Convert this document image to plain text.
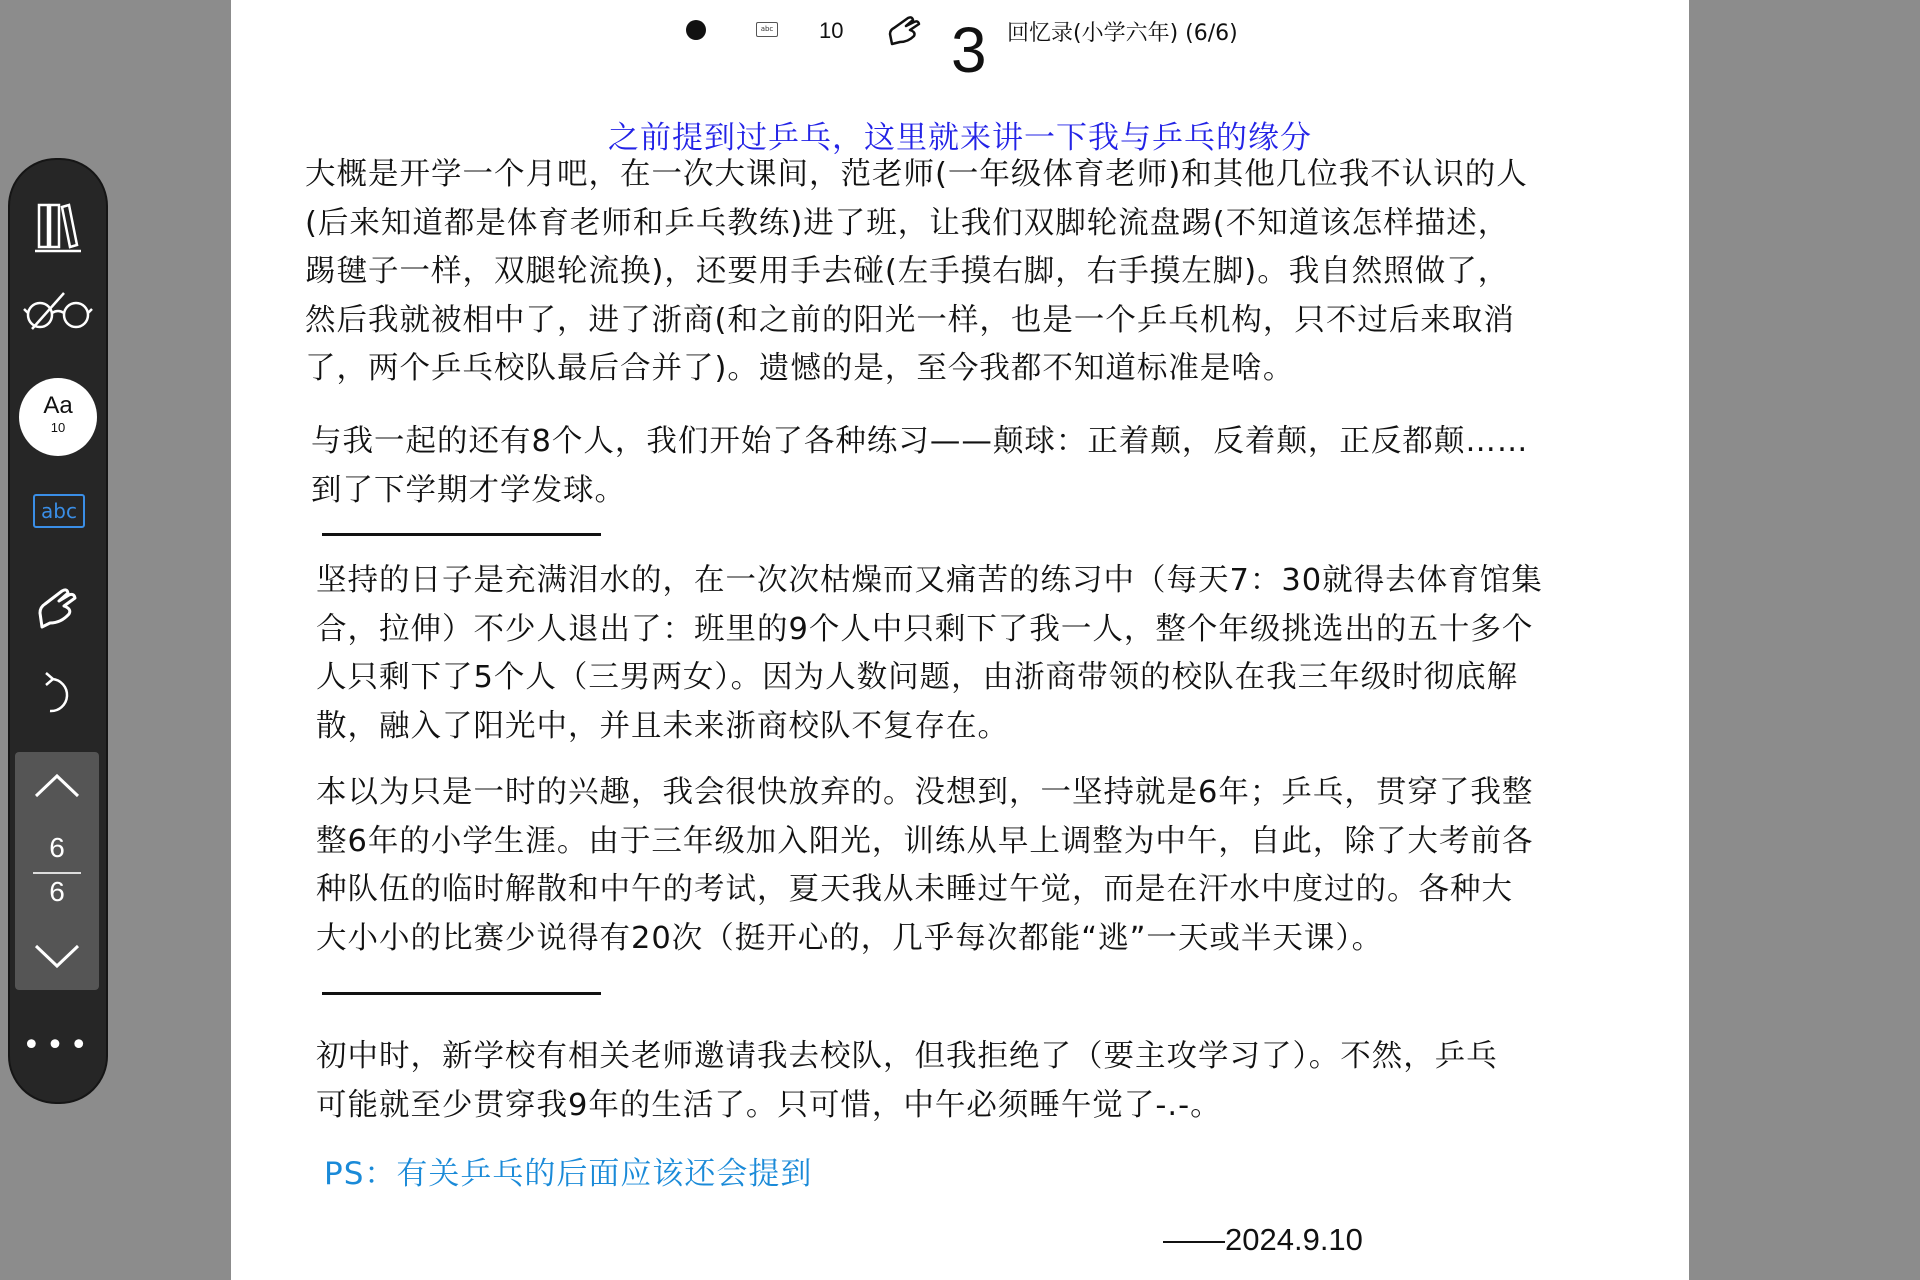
abc 10	回忆录(小学六年) (6/6)
3
之前提到过乒乓，这里就来讲一下我与乒乓的缘分
大概是开学一个月吧，在一次大课间，范老师(一年级体育老师)和其他几位我不认识的人
(后来知道都是体育老师和乒乓教练)进了班，让我们双脚轮流盘踢(不知道该怎样描述，
踢毽子一样，双腿轮流换)，还要用手去碰(左手摸右脚，右手摸左脚)。我自然照做了，
然后我就被相中了，进了浙商(和之前的阳光一样，也是一个乒乓机构，只不过后来取消
了，两个乒乓校队最后合并了)。遗憾的是，至今我都不知道标准是啥。
与我一起的还有8个人，我们开始了各种练习——颠球：正着颠，反着颠，正反都颠……
到了下学期才学发球。
坚持的日子是充满泪水的，在一次次枯燥而又痛苦的练习中（每天7：30就得去体育馆集
合，拉伸）不少人退出了：班里的9个人中只剩下了我一人，整个年级挑选出的五十多个
人只剩下了5个人（三男两女）。因为人数问题，由浙商带领的校队在我三年级时彻底解
散，融入了阳光中，并且未来浙商校队不复存在。
本以为只是一时的兴趣，我会很快放弃的。没想到，一坚持就是6年；乒乓，贯穿了我整
整6年的小学生涯。由于三年级加入阳光，训练从早上调整为中午，自此，除了大考前各
种队伍的临时解散和中午的考试，夏天我从未睡过午觉，而是在汗水中度过的。各种大
大小小的比赛少说得有20次（挺开心的，几乎每次都能“逃”一天或半天课）。
初中时，新学校有相关老师邀请我去校队，但我拒绝了（要主攻学习了）。不然，乒乓
可能就至少贯穿我9年的生活了。只可惜，中午必须睡午觉了-.-。
PS：有关乒乓的后面应该还会提到
——2024.9.10
Aa
10
abc
6
6
•••
